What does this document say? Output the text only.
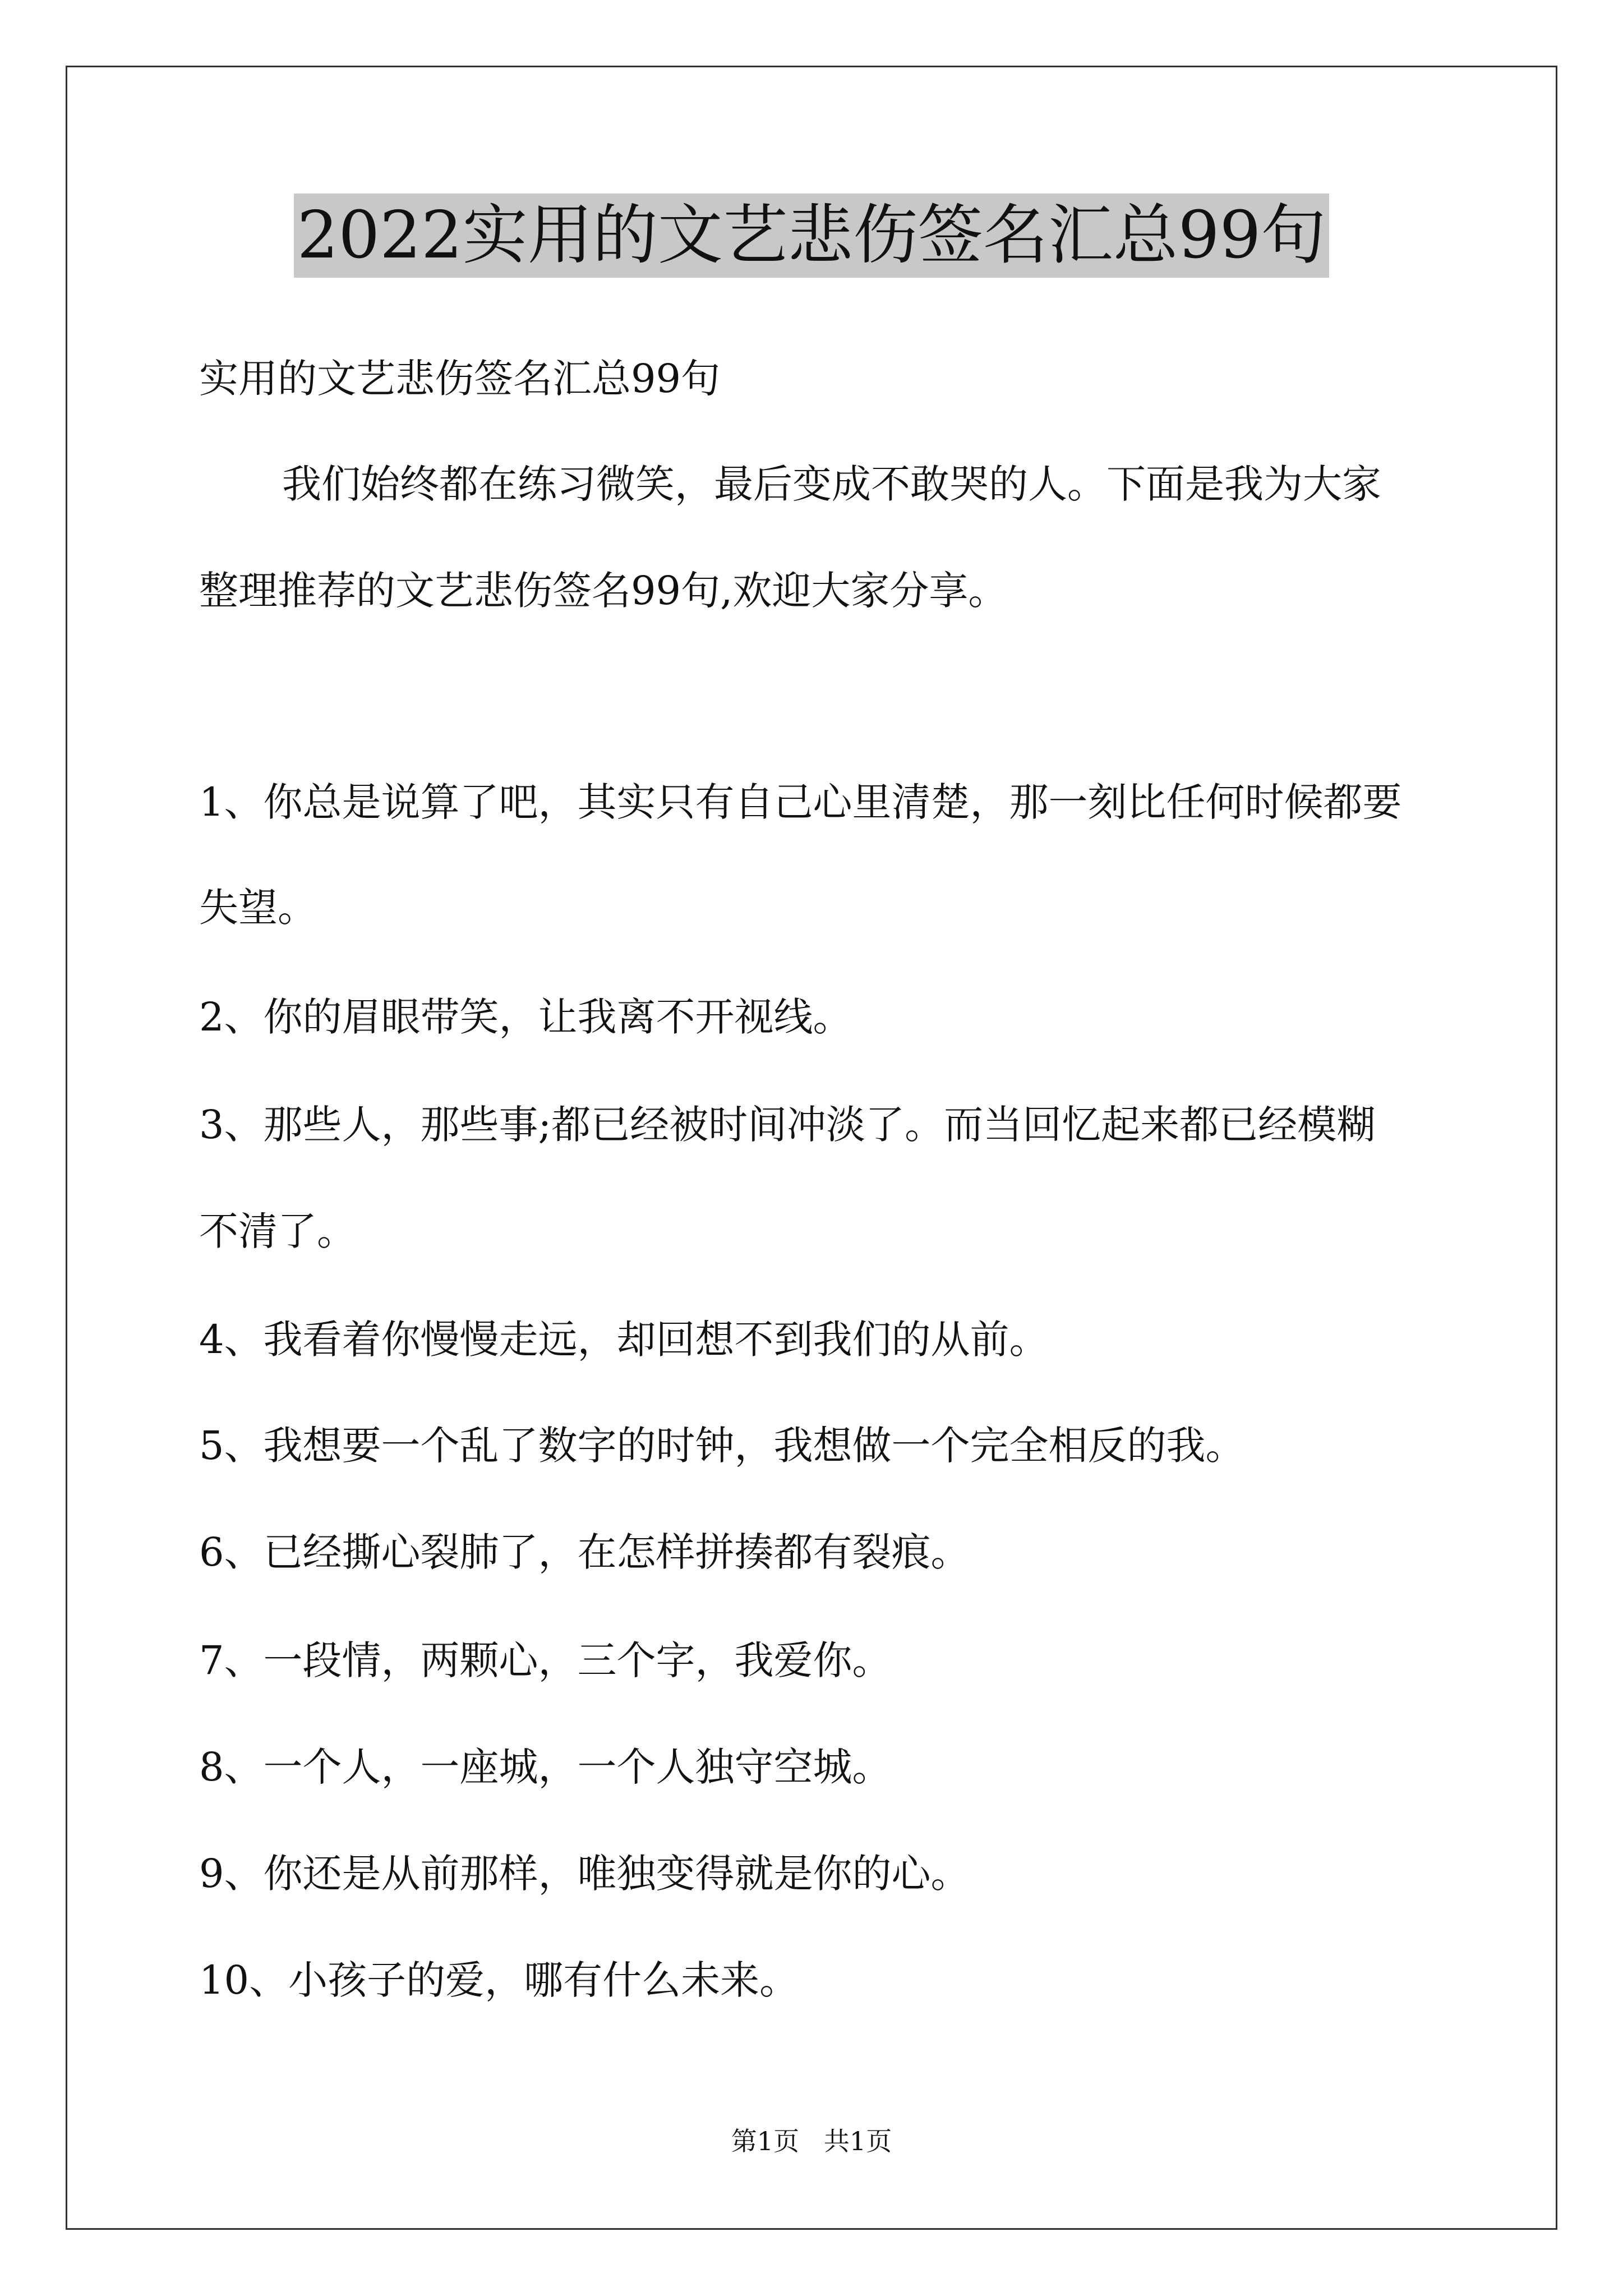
2022实用的文艺悲伤签名汇总99句
实用的文艺悲伤签名汇总99句
我们始终都在练习微笑，最后变成不敢哭的人。下面是我为大家
整理推荐的文艺悲伤签名99句,欢迎大家分享。
1、你总是说算了吧，其实只有自己心里清楚，那一刻比任何时候都要
失望。
2、你的眉眼带笑，让我离不开视线。
3、那些人，那些事;都已经被时间冲淡了。而当回忆起来都已经模糊
不清了。
4、我看着你慢慢走远，却回想不到我们的从前。
5、我想要一个乱了数字的时钟，我想做一个完全相反的我。
6、已经撕心裂肺了，在怎样拼揍都有裂痕。
7、一段情，两颗心，三个字，我爱你。
8、一个人，一座城，一个人独守空城。
9、你还是从前那样，唯独变得就是你的心。
10、小孩子的爱，哪有什么未来。
第1页   共1页
